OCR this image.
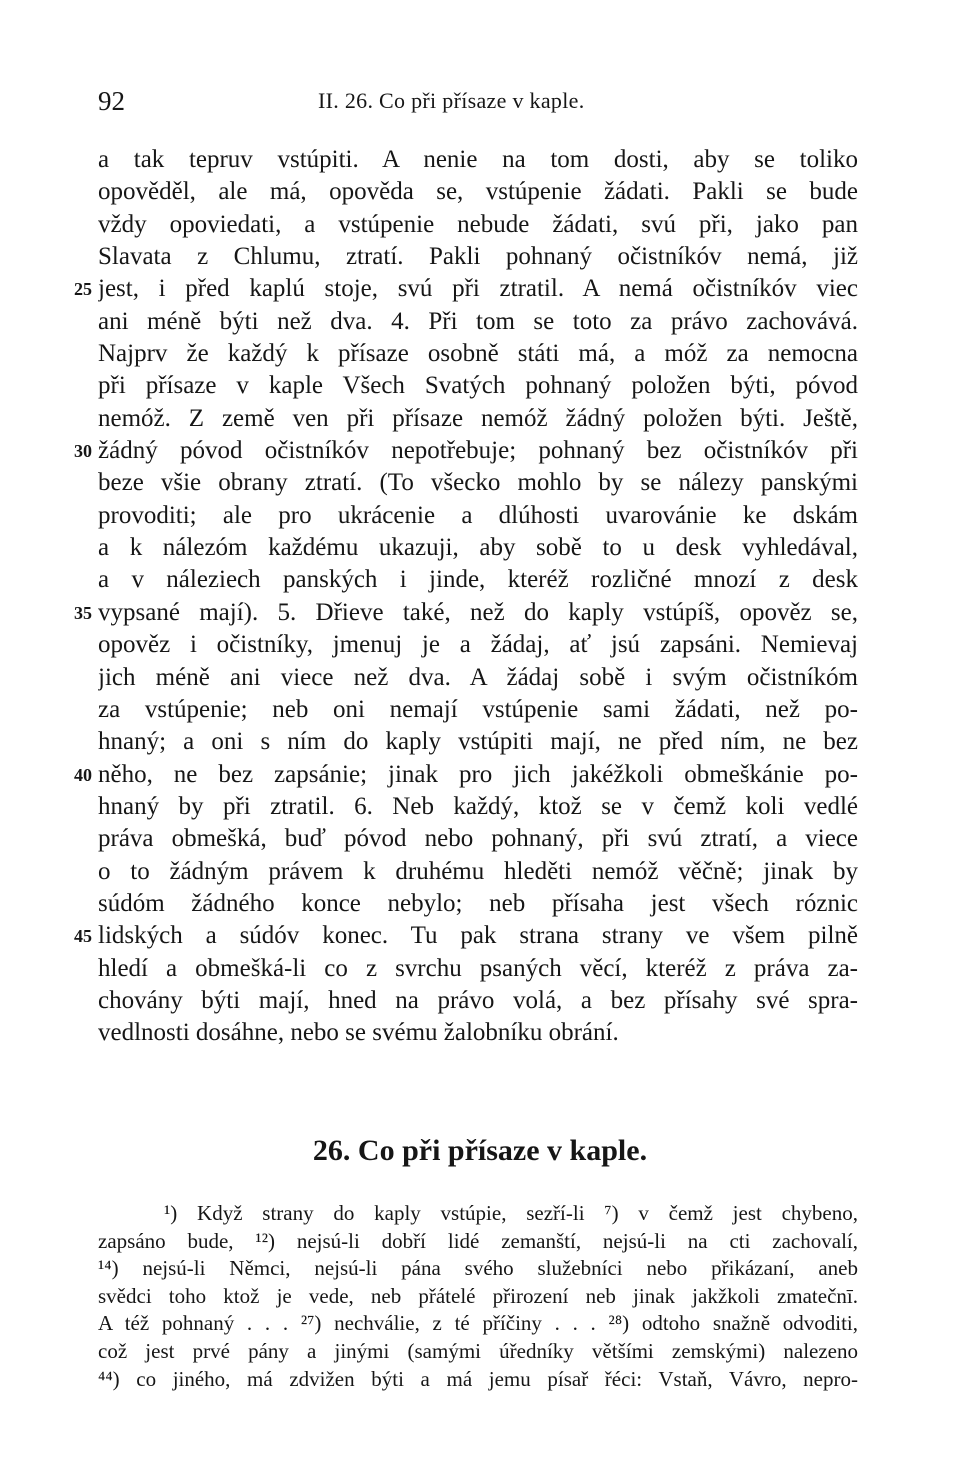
92	II. 26. Co při přísaze v kaple.
a tak tepruv vstúpiti. A nenie na tom dosti, aby se toliko
opověděl, ale má, opověda se, vstúpenie žádati. Pakli se bude
vždy opoviedati, a vstúpenie nebude žádati, svú při, jako pan
Slavata z Chlumu, ztratí. Pakli pohnaný očistníkóv nemá, již
25 jest, i před kaplú stoje, svú při ztratil. A nemá očistníkóv viec
ani méně býti než dva. 4. Při tom se toto za právo zachovává.
Najprv že každý k přísaze osobně státi má, a móž za nemocna
při přísaze v kaple Všech Svatých pohnaný položen býti, póvod
nemóž. Z země ven při přísaze nemóž žádný položen býti. Ještě,
30 žádný póvod očistníkóv nepotřebuje; pohnaný bez očistníkóv při
beze všie obrany ztratí. (To všecko mohlo by se nálezy panskými
provoditi; ale pro ukrácenie a dlúhosti uvarovánie ke dskám
a k nálezóm každému ukazuji, aby sobě to u desk vyhledával,
a v náleziech panských i jinde, kteréž rozličné mnozí z desk
35 vypsané mají). 5. Dřieve také, než do kaply vstúpíš, opověz se,
opověz i očistníky, jmenuj je a žádaj, ať jsú zapsáni. Nemievaj
jich méně ani viece než dva. A žádaj sobě i svým očistníkóm
za vstúpenie; neb oni nemají vstúpenie sami žádati, než po-
hnaný; a oni s ním do kaply vstúpiti mají, ne před ním, ne bez
40 něho, ne bez zapsánie; jinak pro jich jakéžkoli obmeškánie po-
hnaný by při ztratil. 6. Neb každý, ktož se v čemž koli vedlé
práva obmešká, buď póvod nebo pohnaný, při svú ztratí, a viece
o to žádným právem k druhému hleděti nemóž věčně; jinak by
súdóm žádného konce nebylo; neb přísaha jest všech róznic
45 lidských a súdóv konec. Tu pak strana strany ve všem pilně
hledí a obmešká-li co z svrchu psaných věcí, kteréž z práva za-
chovány býti mají, hned na právo volá, a bez přísahy své spra-
vedlnosti dosáhne, nebo se svému žalobníku obrání.
26. Co při přísaze v kaple.
¹) Když strany do kaply vstúpie, sezří-li ⁷) v čemž jest chybeno,
zapsáno bude, ¹²) nejsú-li dobří lidé zemanští, nejsú-li na cti zachovalí,
¹⁴) nejsú-li Němci, nejsú-li pána svého služebníci nebo přikázaní, aneb
svědci toho ktož je vede, neb přátelé přirození neb jinak jakžkoli zmatečnī.
A též pohnaný . . . ²⁷) nechválie, z té příčiny . . . ²⁸) odtoho snažně odvoditi,
což jest prvé pány a jinými (samými úředníky většími zemskými) nalezeno
⁴⁴) co jiného, má zdvižen býti a má jemu písař řéci: Vstaň, Vávro, nepro-
